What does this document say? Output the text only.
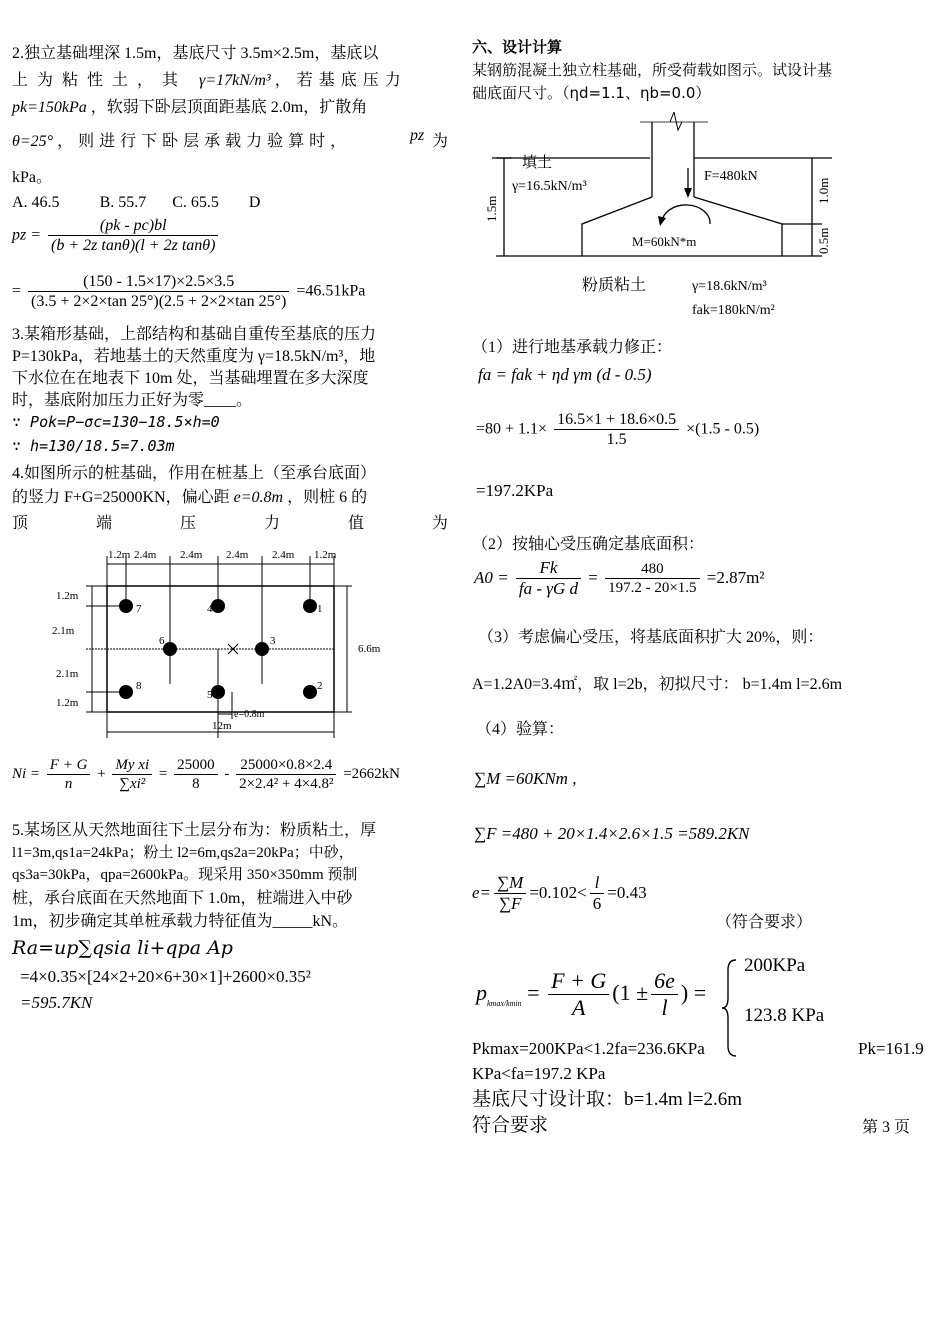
2.独立基础埋深 1.5m，基底尺寸 3.5m×2.5m，基底以

上为粘性土，其 γ=17kN/m³ ，若基底压力
pk=150kPa ，软弱下卧层顶面距基底 2.0m，扩散角
θ=25° ，则进行下卧层承载力验算时，	pz 为

kPa。

A. 46.5	B. 55.7 C. 65.5 D
pz = $\frac{(pk - pc)bl}{\text{(b + 2z tanθ)(l + 2z tanθ)}}$
= $\frac{(150 - 1.5\times 17)\times 2.5\times 3.5}{(3.5 + 2\times 2\times\tan 25^\circ)(2.5 + 2\times 2\times\tan 25^\circ)} =46.51kPa$

3.某箱形基础，上部结构和基础自重传至基底的压力

P=130kPa，若地基土的天然重度为 γ=18.5kN/m³，地

下水位在在地表下 10m 处，当基础埋置在多大深度

时，基底附加压力正好为零____。

∵ Pok=P−σc=130−18.5×h=0

∵ h=130/18.5=7.03m

4.如图所示的桩基础，作用在桩基上（至承台底面）

的竖力 F+G=25000KN，偏心距 e=0.8m ，则桩 6 的
顶	端	压	力	值	为
1.2m 2.4m 2.4m 2.4m 2.4m 1.2m
1.2m
2.1m
2.1m
1.2m
6.6m
12m
e=0.8m
1
2
3
4
5
6
7
8
$Ni = \frac{F + G}{n} + \frac{\text{My xi}}{\text{∑xi²}} = \frac{25000}{8} - \frac{25000\times 0.8\times 2.4}{\text{2×2.4² + 4×4.8²}} =2662kN$

5.某场区从天然地面往下土层分布为：粉质粘土，厚

l1=3m,qs1a=24kPa；粉土 l2=6m,qs2a=20kPa；中砂，

qs3a=30kPa，qpa=2600kPa。现采用 350×350mm 预制

桩，承台底面在天然地面下 1.0m，桩端进入中砂

1m，初步确定其单桩承载力特征值为_____kN。

Ra=up∑qsia li+qpa Ap

=4×0.35×[24×2+20×6+30×1]+2600×0.35²

=595.7KN

六、设计计算

某钢筋混凝土独立柱基础，所受荷载如图示。试设计基

础底面尺寸。（ηd=1.1、ηb=0.0）

填土
γ=16.5kN/m³
F=480kN
M=60kN*m
1.5m
1.0m
0.5m
粉质粘土	γ=18.6kN/m³
fak=180kN/m²

（1）进行地基承载力修正：

fa = fak + ηd γm (d - 0.5)

$=80 + 1.1\times \frac{16.5\times 1 + 18.6\times 0.5}{1.5} \times(1.5 - 0.5)$

=197.2KPa

（2）按轴心受压确定基底面积：

$A0 = \frac{Fk}{\text{fa - γG d}} = \frac{480}{197.2 - 20\times 1.5} =2.87m^2$

（3）考虑偏心受压，将基底面积扩大 20%，则：

A=1.2A0=3.4㎡，取 l=2b，初拟尺寸： b=1.4m l=2.6m

（4）验算：

∑M =60KNm ,

∑F =480 + 20×1.4×2.6×1.5 =589.2KN

$e= \frac{\sum M}{\sum F} =0.102< \frac{l}{6} =0.43$

（符合要求）

$p_{kmax/kmin} = \frac{F + G}{A} (1 \pm \frac{6e}{l}$ ) =

200KPa

123.8 KPa

Pkmax=200KPa<1.2fa=236.6KPa	Pk=161.9

KPa<fa=197.2 KPa

基底尺寸设计取：b=1.4m l=2.6m

符合要求	第 3 页
